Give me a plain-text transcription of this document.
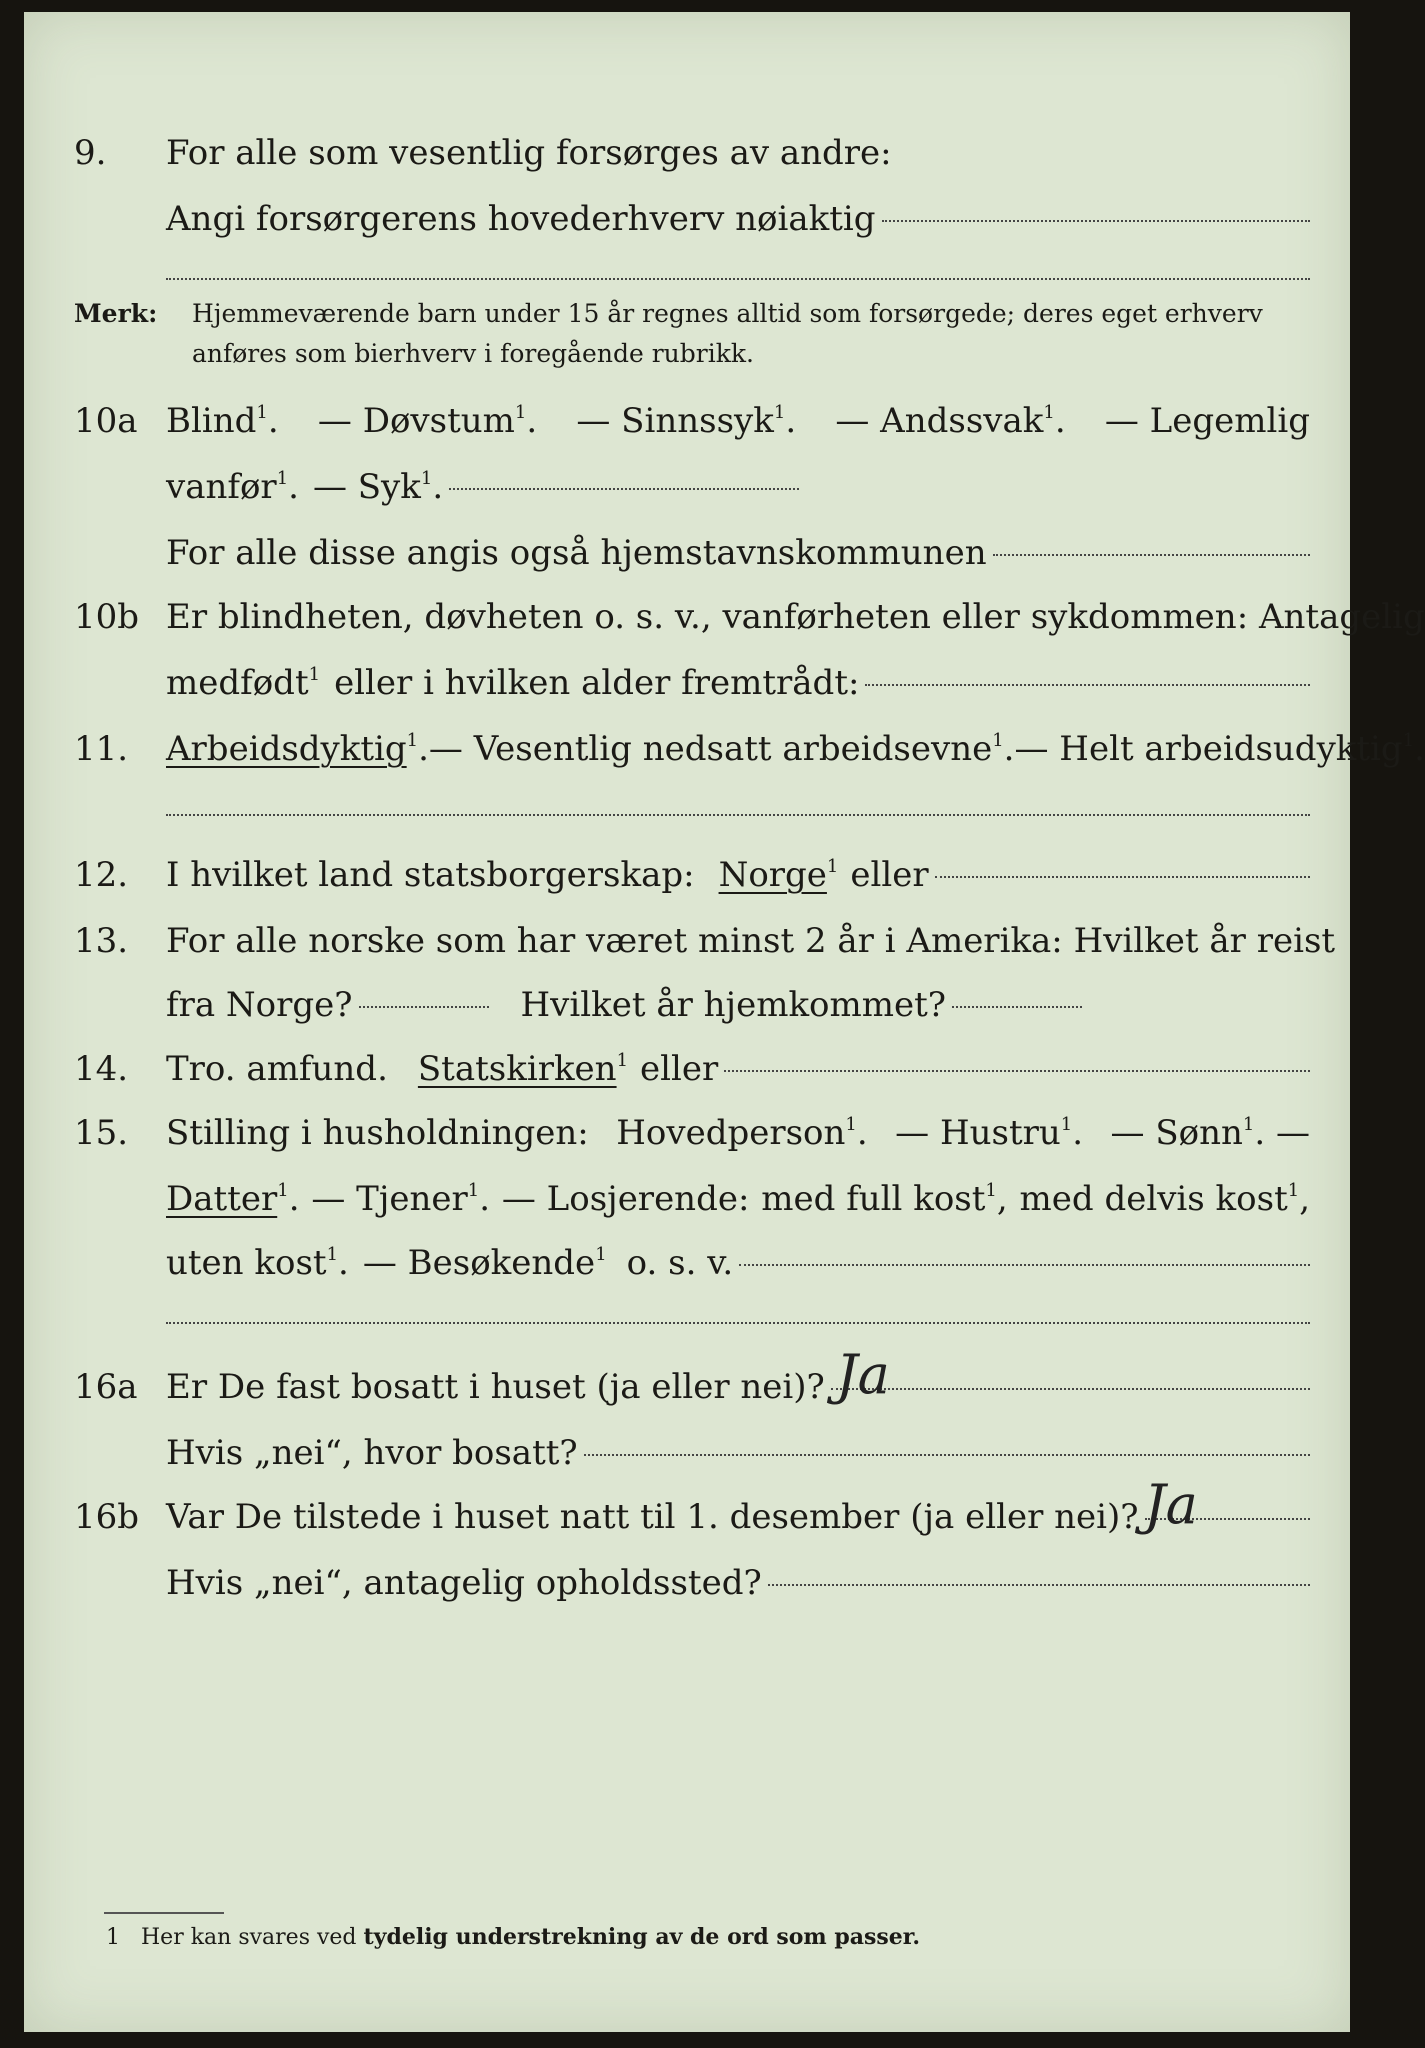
9. For alle som vesentlig forsørges av andre:
Angi forsørgerens hovederhverv nøiaktig
Merk: Hjemmeværende barn under 15 år regnes alltid som forsørgede; deres eget erhverv
anføres som bierhverv i foregående rubrikk.
10a Blind$^1$. — Døvstum$^1$. — Sinnssyk$^1$. — Andssvak$^1$. — Legemlig
vanfør$^1$. — Syk$^1$.
For alle disse angis også hjemstavnskommunen
10b Er blindheten, døvheten o. s. v., vanførheten eller sykdommen: Antagelig
medfødt$^1$ eller i hvilken alder fremtrådt:
11. Arbeidsdyktig$^1$. — Vesentlig nedsatt arbeidsevne$^1$. — Helt arbeidsudyktig$^1$.
12. I hvilket land statsborgerskap: Norge$^1$ eller
13. For alle norske som har været minst 2 år i Amerika: Hvilket år reist
fra Norge?	Hvilket år hjemkommet?
14. Tro. amfund. Statskirken$^1$ eller
15. Stilling i husholdningen: Hovedperson$^1$. — Hustru$^1$. — Sønn$^1$. —
Datter$^1$. — Tjener$^1$. — Losjerende: med full kost$^1$, med delvis kost$^1$,
uten kost$^1$. — Besøkende$^1$ o. s. v.
16a Er De fast bosatt i huset (ja eller nei)? Ja
Hvis „nei“, hvor bosatt?
16b Var De tilstede i huset natt til 1. desember (ja eller nei)? Ja
Hvis „nei“, antagelig opholdssted?
1 Her kan svares ved tydelig understrekning av de ord som passer.
